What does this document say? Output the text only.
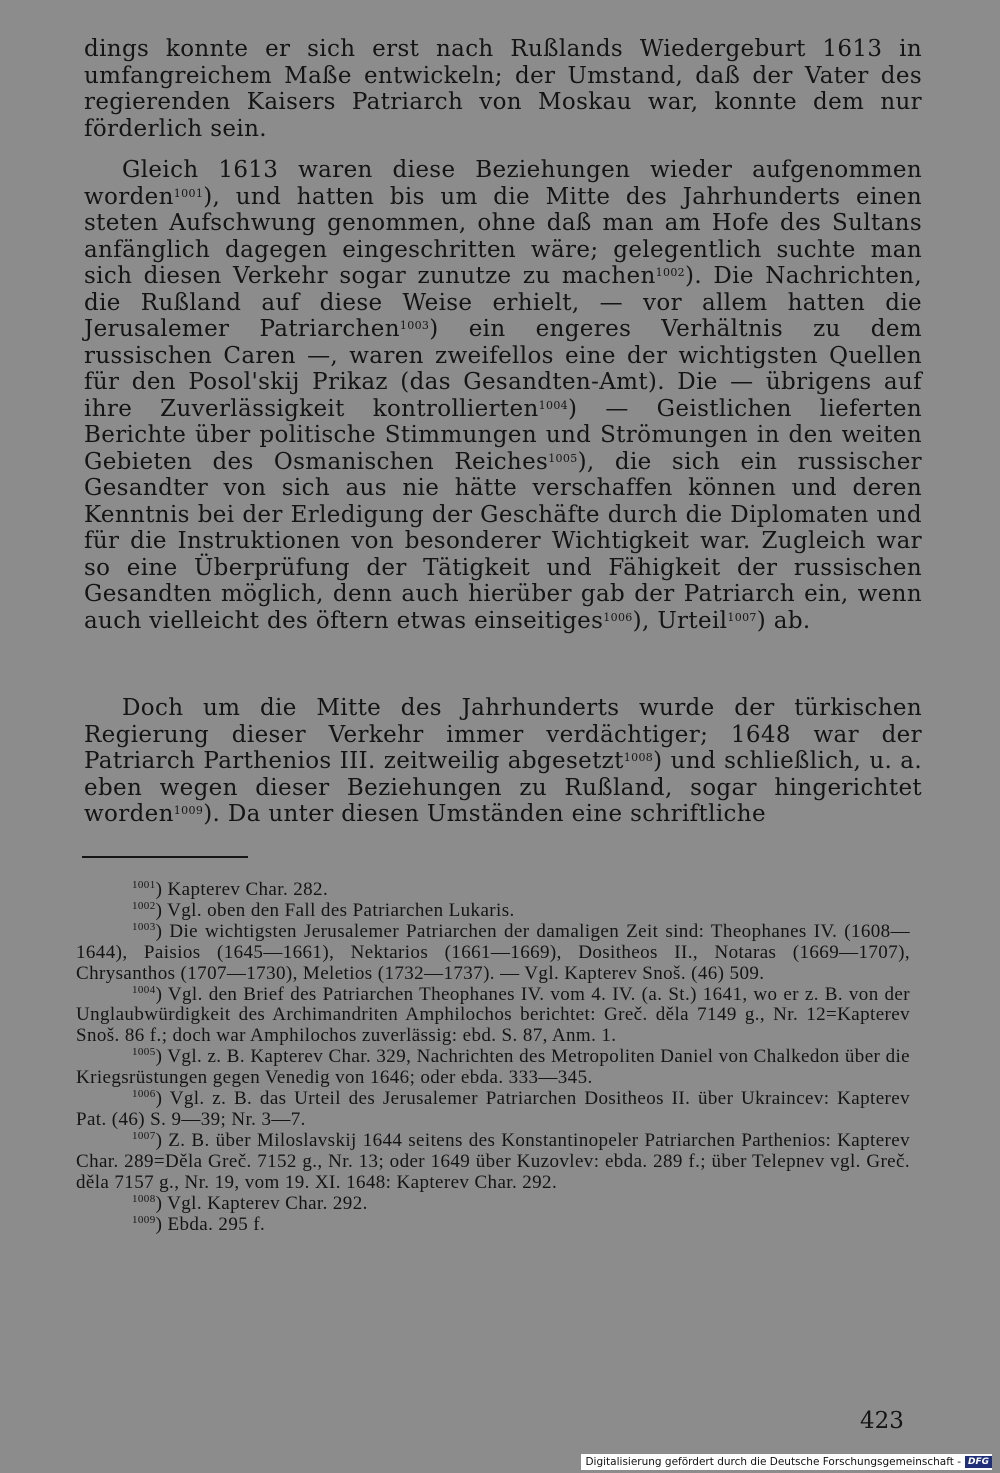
dings konnte er sich erst nach Rußlands Wiedergeburt 1613 in umfangreichem Maße entwickeln; der Umstand, daß der Vater des regierenden Kaisers Patriarch von Moskau war, konnte dem nur förderlich sein.

Gleich 1613 waren diese Beziehungen wieder aufgenommen worden$^{1001}$), und hatten bis um die Mitte des Jahrhunderts einen steten Aufschwung genommen, ohne daß man am Hofe des Sultans anfänglich dagegen eingeschritten wäre; gelegentlich suchte man sich diesen Verkehr sogar zunutze zu machen$^{1002}$). Die Nachrichten, die Rußland auf diese Weise erhielt, — vor allem hatten die Jerusalemer Patriarchen$^{1003}$) ein engeres Verhältnis zu dem russischen Caren —, waren zweifellos eine der wichtigsten Quellen für den Posol'skij Prikaz (das Gesandten-Amt). Die — übrigens auf ihre Zuverlässigkeit kontrollierten$^{1004}$) — Geistlichen lieferten Berichte über politische Stimmungen und Strömungen in den weiten Gebieten des Osmanischen Reiches$^{1005}$), die sich ein russischer Gesandter von sich aus nie hätte verschaffen können und deren Kenntnis bei der Erledigung der Geschäfte durch die Diplomaten und für die Instruktionen von besonderer Wichtigkeit war. Zugleich war so eine Überprüfung der Tätigkeit und Fähigkeit der russischen Gesandten möglich, denn auch hierüber gab der Patriarch ein, wenn auch vielleicht des öftern etwas einseitiges$^{1006}$), Urteil$^{1007}$) ab.

Doch um die Mitte des Jahrhunderts wurde der türkischen Regierung dieser Verkehr immer verdächtiger; 1648 war der Patriarch Parthenios III. zeitweilig abgesetzt$^{1008}$) und schließlich, u. a. eben wegen dieser Beziehungen zu Rußland, sogar hingerichtet worden$^{1009}$). Da unter diesen Umständen eine schriftliche

$^{1001}$) Kapterev Char. 282.

$^{1002}$) Vgl. oben den Fall des Patriarchen Lukaris.

$^{1003}$) Die wichtigsten Jerusalemer Patriarchen der damaligen Zeit sind: Theophanes IV. (1608—1644), Paisios (1645—1661), Nektarios (1661—1669), Dositheos II., Notaras (1669—1707), Chrysanthos (1707—1730), Meletios (1732—1737). — Vgl. Kapterev Snoš. (46) 509.

$^{1004}$) Vgl. den Brief des Patriarchen Theophanes IV. vom 4. IV. (a. St.) 1641, wo er z. B. von der Unglaubwürdigkeit des Archimandriten Amphilochos berichtet: Greč. děla 7149 g., Nr. 12=Kapterev Snoš. 86 f.; doch war Amphilochos zuverlässig: ebd. S. 87, Anm. 1.

$^{1005}$) Vgl. z. B. Kapterev Char. 329, Nachrichten des Metropoliten Daniel von Chalkedon über die Kriegsrüstungen gegen Venedig von 1646; oder ebda. 333—345.

$^{1006}$) Vgl. z. B. das Urteil des Jerusalemer Patriarchen Dositheos II. über Ukraincev: Kapterev Pat. (46) S. 9—39; Nr. 3—7.

$^{1007}$) Z. B. über Miloslavskij 1644 seitens des Konstantinopeler Patriarchen Parthenios: Kapterev Char. 289=Děla Greč. 7152 g., Nr. 13; oder 1649 über Kuzovlev: ebda. 289 f.; über Telepnev vgl. Greč. děla 7157 g., Nr. 19, vom 19. XI. 1648: Kapterev Char. 292.

$^{1008}$) Vgl. Kapterev Char. 292.

$^{1009}$) Ebda. 295 f.

423
Digitalisierung gefördert durch die Deutsche Forschungsgemeinschaft - DFG
